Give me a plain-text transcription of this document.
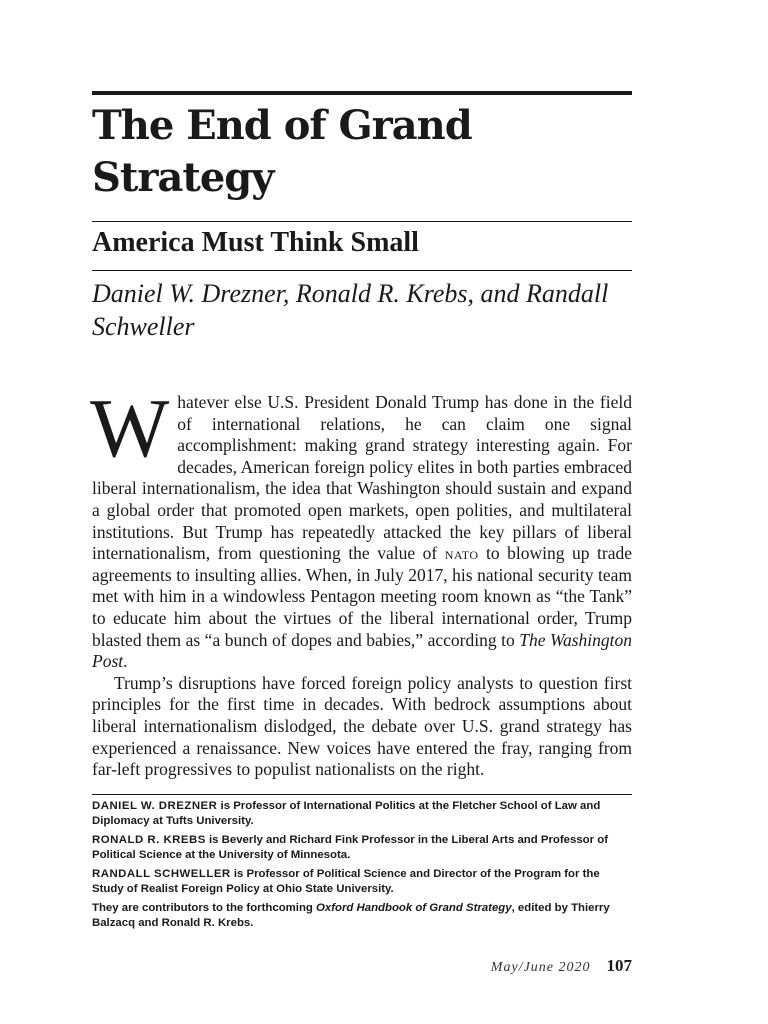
The End of Grand Strategy
America Must Think Small

Daniel W. Drezner, Ronald R. Krebs, and Randall Schweller

Whatever else U.S. President Donald Trump has done in the field of international relations, he can claim one signal accomplishment: making grand strategy interesting again. For decades, American foreign policy elites in both parties embraced liberal internationalism, the idea that Washington should sustain and expand a global order that promoted open markets, open polities, and multilateral institutions. But Trump has repeatedly attacked the key pillars of liberal internationalism, from questioning the value of nato to blowing up trade agreements to insulting allies. When, in July 2017, his national security team met with him in a windowless Pentagon meeting room known as “the Tank” to educate him about the virtues of the liberal international order, Trump blasted them as “a bunch of dopes and babies,” according to The Washington Post.

Trump’s disruptions have forced foreign policy analysts to question first principles for the first time in decades. With bedrock assumptions about liberal internationalism dislodged, the debate over U.S. grand strategy has experienced a renaissance. New voices have entered the fray, ranging from far-left progressives to populist nationalists on the right.

DANIEL W. DREZNER is Professor of International Politics at the Fletcher School of Law and Diplomacy at Tufts University.

RONALD R. KREBS is Beverly and Richard Fink Professor in the Liberal Arts and Professor of Political Science at the University of Minnesota.

RANDALL SCHWELLER is Professor of Political Science and Director of the Program for the Study of Realist Foreign Policy at Ohio State University.

They are contributors to the forthcoming Oxford Handbook of Grand Strategy, edited by Thierry Balzacq and Ronald R. Krebs.

May/June 2020 107
